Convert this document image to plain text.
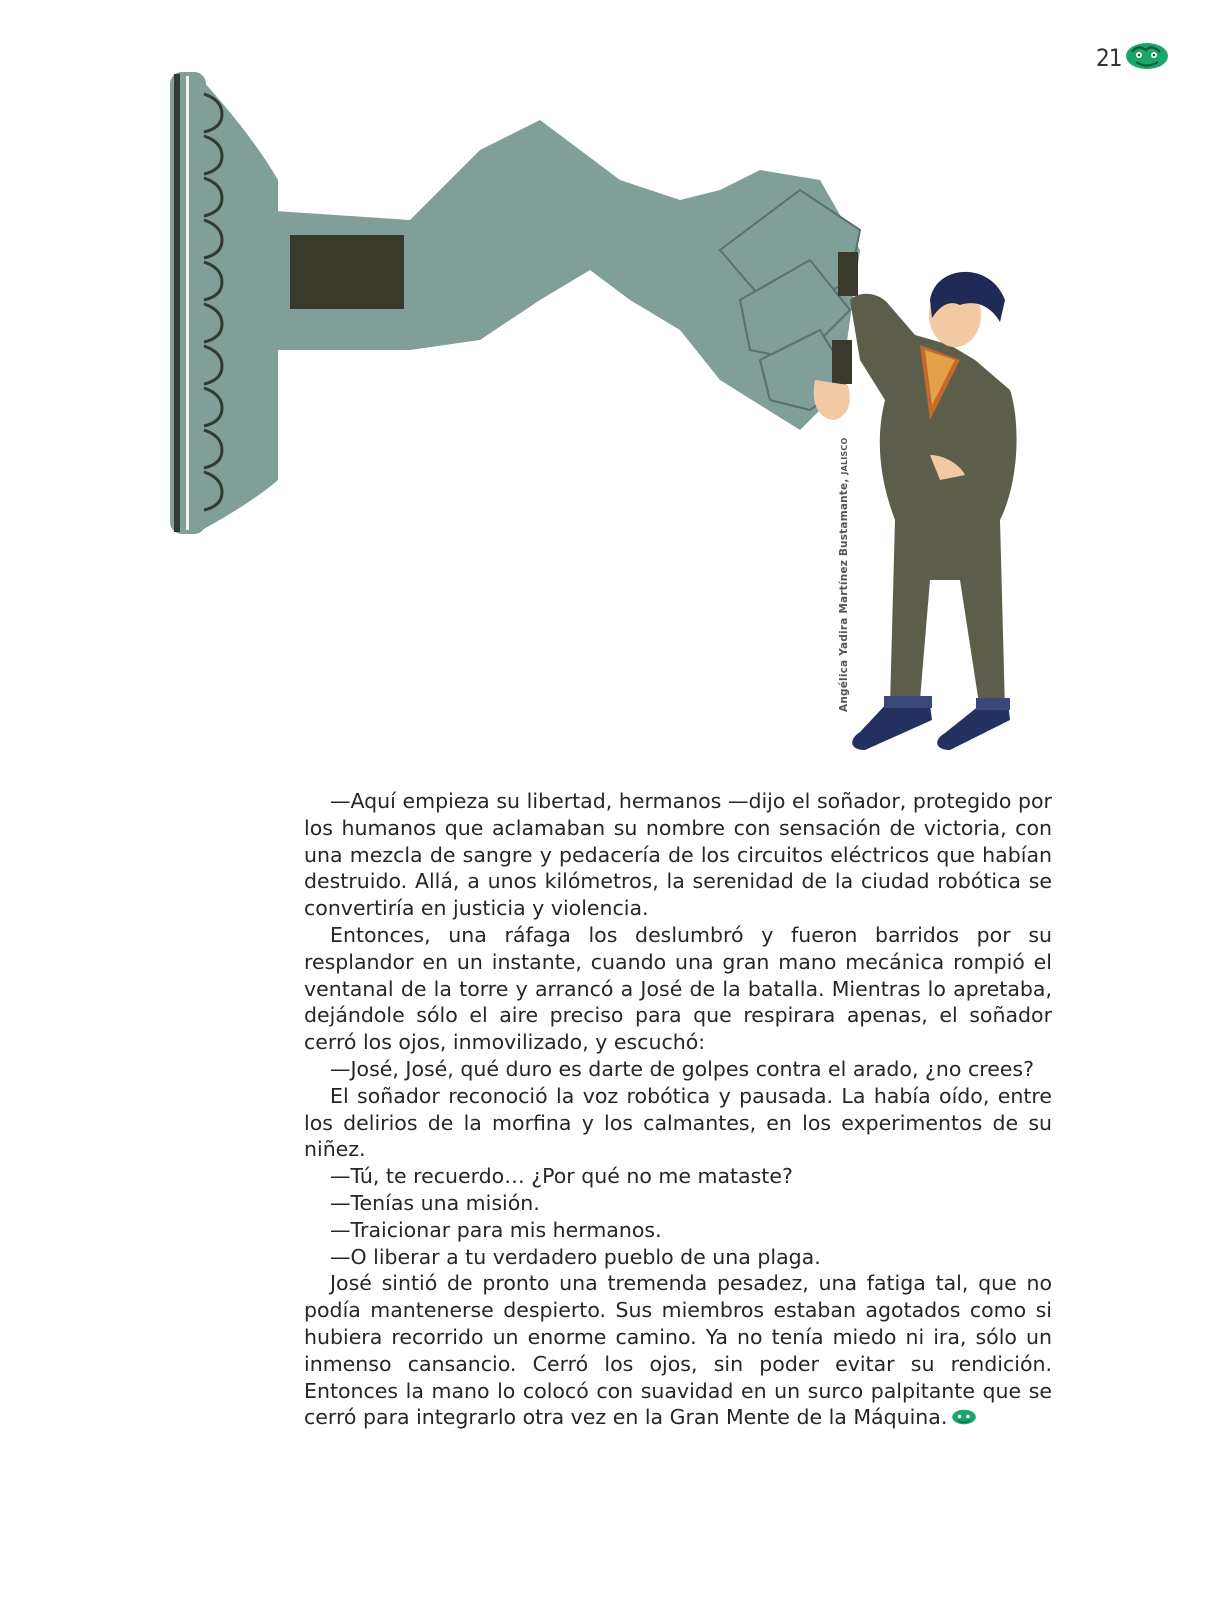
21
Angélica Yadira Martínez Bustamante, JALISCO

—Aquí empieza su libertad, hermanos —dijo el soñador, protegido por los humanos que aclamaban su nombre con sensación de victoria, con una mezcla de sangre y pedacería de los circuitos eléctricos que habían destruido. Allá, a unos kilómetros, la serenidad de la ciudad robótica se convertiría en justicia y violencia.

Entonces, una ráfaga los deslumbró y fueron barridos por su resplandor en un instante, cuando una gran mano mecánica rompió el ventanal de la torre y arrancó a José de la batalla. Mientras lo apretaba, dejándole sólo el aire preciso para que respirara apenas, el soñador cerró los ojos, inmovilizado, y escuchó:

—José, José, qué duro es darte de golpes contra el arado, ¿no crees?

El soñador reconoció la voz robótica y pausada. La había oído, entre los delirios de la morfina y los calmantes, en los experimentos de su niñez.

—Tú, te recuerdo… ¿Por qué no me mataste?

—Tenías una misión.

—Traicionar para mis hermanos.

—O liberar a tu verdadero pueblo de una plaga.

José sintió de pronto una tremenda pesadez, una fatiga tal, que no podía mantenerse despierto. Sus miembros estaban agotados como si hubiera recorrido un enorme camino. Ya no tenía miedo ni ira, sólo un inmenso cansancio. Cerró los ojos, sin poder evitar su rendición. Entonces la mano lo colocó con suavidad en un surco palpitante que se cerró para integrarlo otra vez en la Gran Mente de la Máquina.
